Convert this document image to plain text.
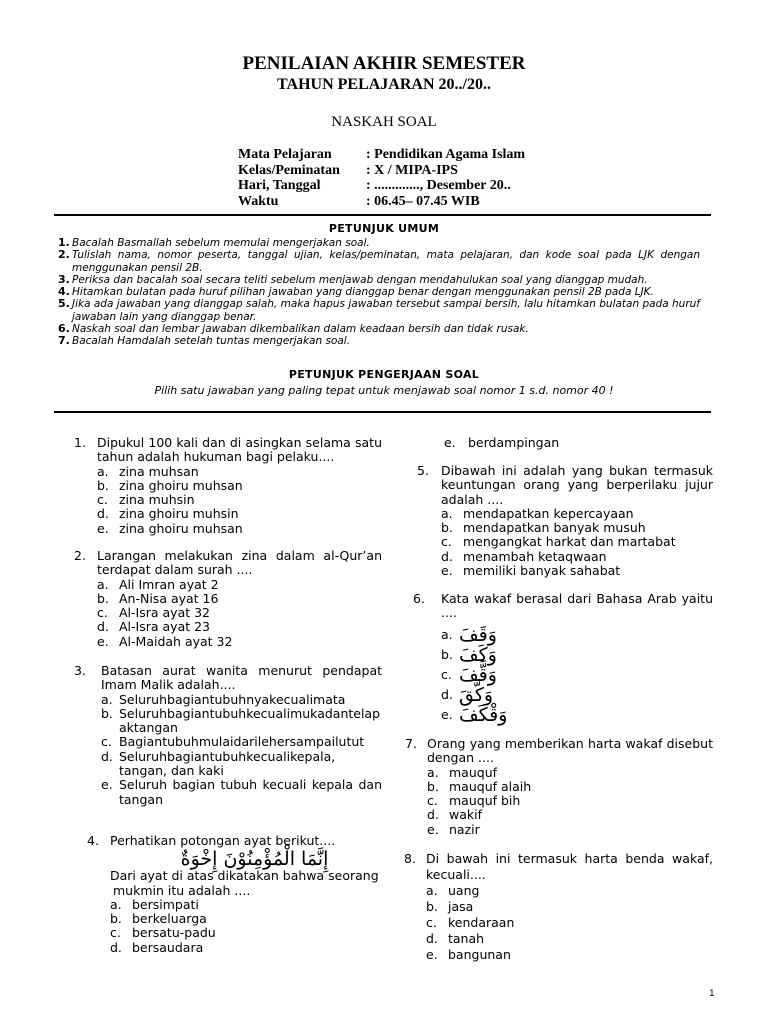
PENILAIAN AKHIR SEMESTER
TAHUN PELAJARAN 20../20..
NASKAH SOAL
Mata Pelajaran	: Pendidikan Agama Islam
Kelas/Peminatan	: X / MIPA-IPS
Hari, Tanggal	: ............., Desember 20..
Waktu	: 06.45– 07.45 WIB
PETUNJUK UMUM
1. Bacalah Basmallah sebelum memulai mengerjakan soal.
2. Tulislah nama, nomor peserta, tanggal ujian, kelas/peminatan, mata pelajaran, dan kode soal pada LJK dengan menggunakan pensil 2B.
3. Periksa dan bacalah soal secara teliti sebelum menjawab dengan mendahulukan soal yang dianggap mudah.
4. Hitamkan bulatan pada huruf pilihan jawaban yang dianggap benar dengan menggunakan pensil 2B pada LJK.
5. Jika ada jawaban yang dianggap salah, maka hapus jawaban tersebut sampai bersih, lalu hitamkan bulatan pada huruf jawaban lain yang dianggap benar.
6. Naskah soal dan lembar jawaban dikembalikan dalam keadaan bersih dan tidak rusak.
7. Bacalah Hamdalah setelah tuntas mengerjakan soal.
PETUNJUK PENGERJAAN SOAL
Pilih satu jawaban yang paling tepat untuk menjawab soal nomor 1 s.d. nomor 40 !
1. Dipukul 100 kali dan di asingkan selama satu tahun adalah hukuman bagi pelaku....
a. zina muhsan
b. zina ghoiru muhsan
c. zina muhsin
d. zina ghoiru muhsin
e. zina ghoiru muhsan
2. Larangan melakukan zina dalam al-Qur’an terdapat dalam surah ....
a. Ali Imran ayat 2
b. An-Nisa ayat 16
c. Al-Isra ayat 32
d. Al-Isra ayat 23
e. Al-Maidah ayat 32
3.	Batasan aurat wanita menurut pendapat Imam Malik adalah....
a. Seluruhbagiantubuhnyakecualimata
b. Seluruhbagiantubuhkecualimukadantelapaktangan
c. Bagiantubuhmulaidarilehersampailutut
d. Seluruhbagiantubuhkecualikepala, tangan, dan kaki
e. Seluruh bagian tubuh kecuali kepala dan tangan
4. Perhatikan potongan ayat berikut....
إِنَّمَا الْمُؤْمِنُوْنَ إِخْوَةٌ
Dari ayat di atas dikatakan bahwa seorang
mukmin itu adalah ....
a. bersimpati
b. berkeluarga
c. bersatu-padu
d. bersaudara
e. berdampingan
5. Dibawah ini adalah yang bukan termasuk keuntungan orang yang berperilaku jujur adalah ....
a. mendapatkan kepercayaan
b. mendapatkan banyak musuh
c. mengangkat harkat dan martabat
d. menambah ketaqwaan
e. memiliki banyak sahabat
6.	Kata wakaf berasal dari Bahasa Arab yaitu ....
a. وَقَفَ
b. وَكَفَ
c. وَقَّفَ
d. وَكَّقَ
e. وَقْكَفَ
7. Orang yang memberikan harta wakaf disebut dengan ....
a. mauquf
b. mauquf alaih
c. mauquf bih
d. wakif
e. nazir
8. Di bawah ini termasuk harta benda wakaf, kecuali....
a. uang
b. jasa
c. kendaraan
d. tanah
e. bangunan
1
